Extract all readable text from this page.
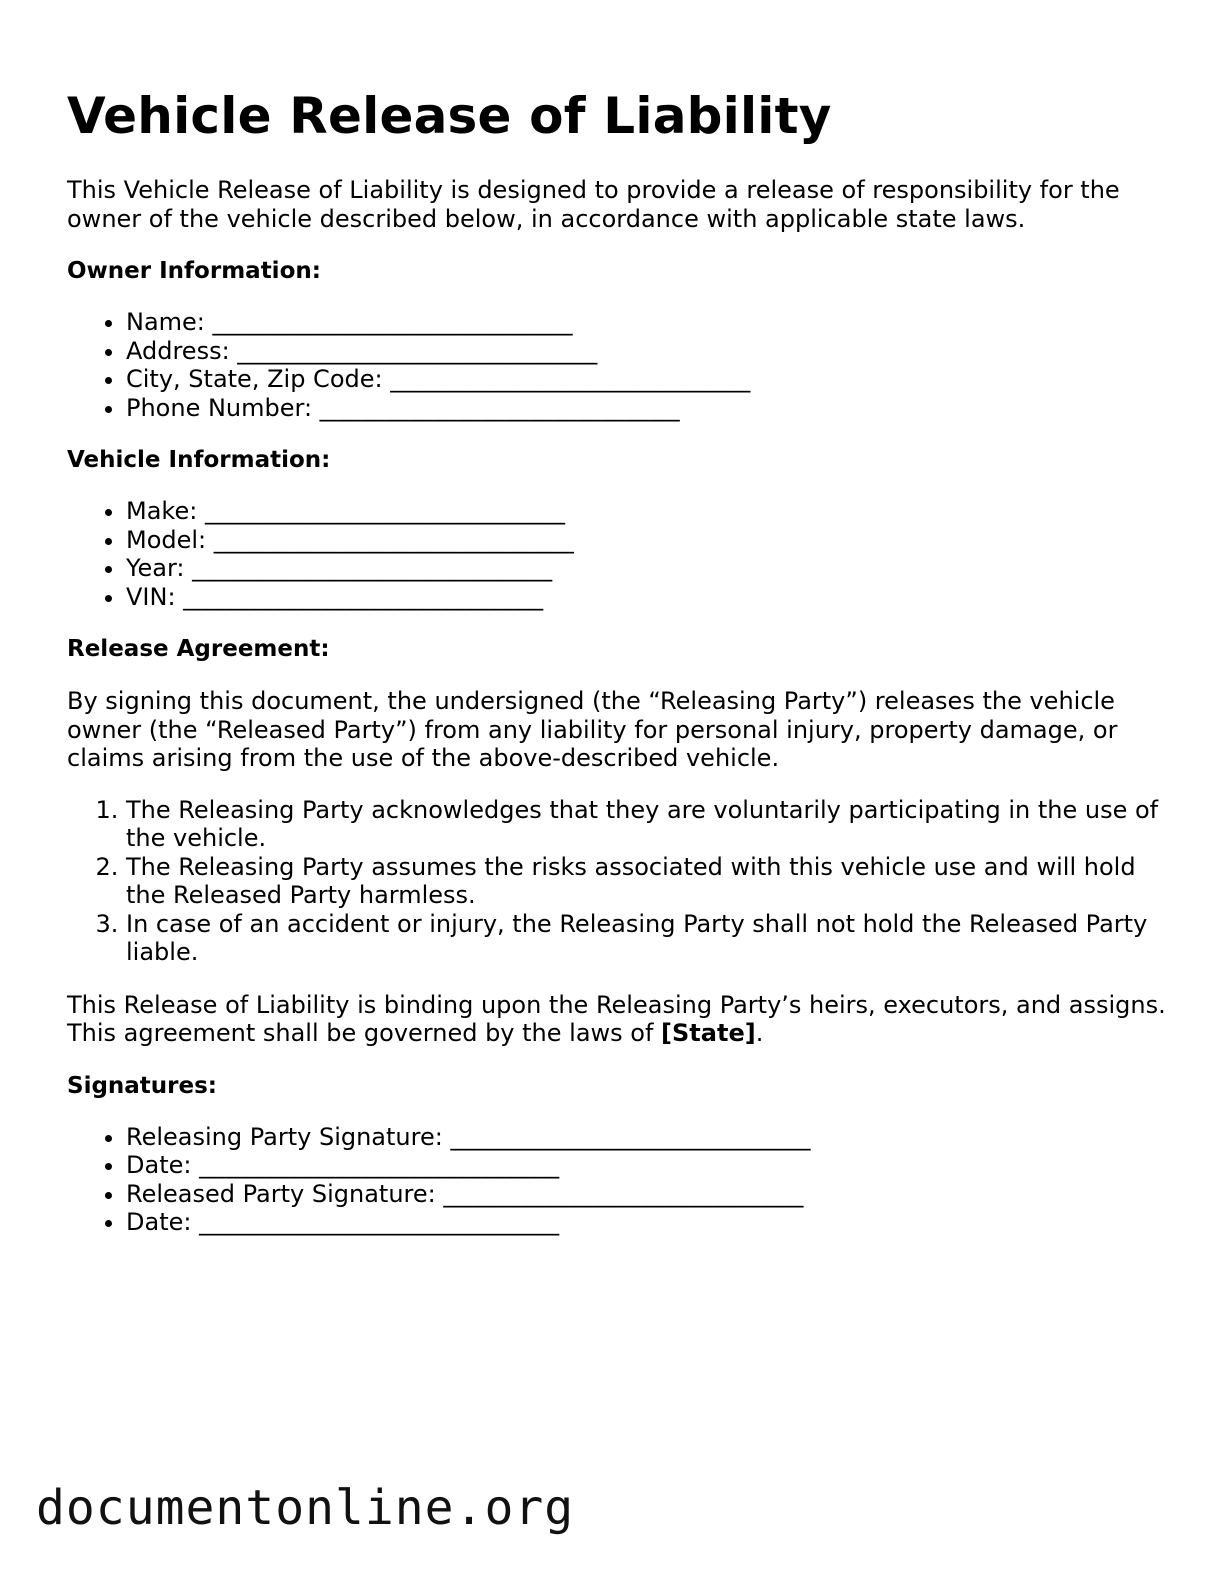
Vehicle Release of Liability

This Vehicle Release of Liability is designed to provide a release of responsibility for the owner of the vehicle described below, in accordance with applicable state laws.

Owner Information:
• Name: ______________________________
• Address: ______________________________
• City, State, Zip Code: ______________________________
• Phone Number: ______________________________
Vehicle Information:
• Make: ______________________________
• Model: ______________________________
• Year: ______________________________
• VIN: ______________________________
Release Agreement:

By signing this document, the undersigned (the “Releasing Party”) releases the vehicle owner (the “Released Party”) from any liability for personal injury, property damage, or claims arising from the use of the above-described vehicle.

1. The Releasing Party acknowledges that they are voluntarily participating in the use of the vehicle.
2. The Releasing Party assumes the risks associated with this vehicle use and will hold the Released Party harmless.
3. In case of an accident or injury, the Releasing Party shall not hold the Released Party liable.

This Release of Liability is binding upon the Releasing Party’s heirs, executors, and assigns. This agreement shall be governed by the laws of [State].

Signatures:
• Releasing Party Signature: ______________________________
• Date: ______________________________
• Released Party Signature: ______________________________
• Date: ______________________________
documentonline.org
